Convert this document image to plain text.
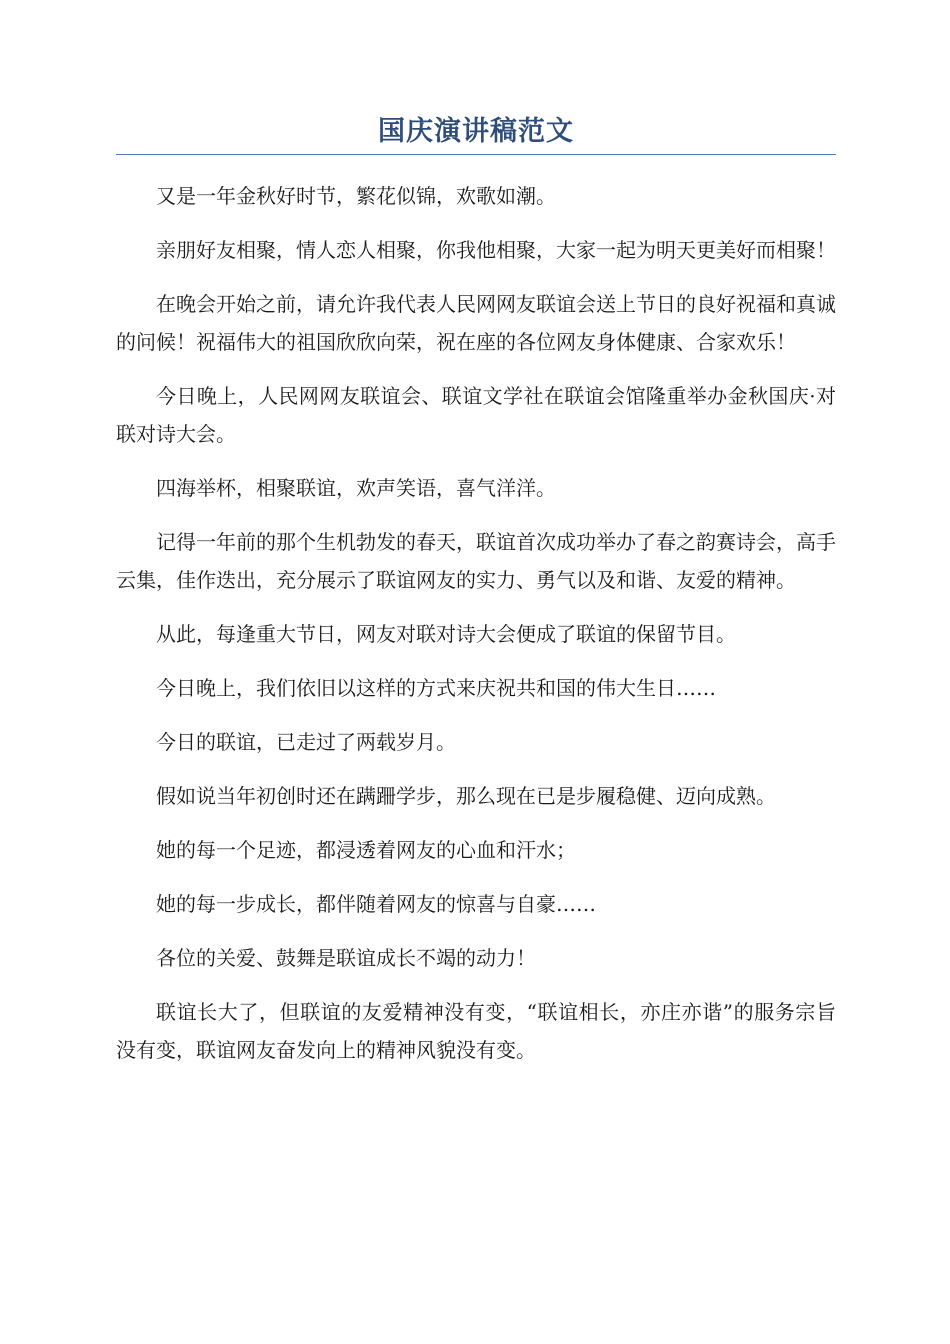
国庆演讲稿范文

又是一年金秋好时节，繁花似锦，欢歌如潮。

亲朋好友相聚，情人恋人相聚，你我他相聚，大家一起为明天更美好而相聚！

在晚会开始之前，请允许我代表人民网网友联谊会送上节日的良好祝福和真诚的问候！祝福伟大的祖国欣欣向荣，祝在座的各位网友身体健康、合家欢乐！

今日晚上，人民网网友联谊会、联谊文学社在联谊会馆隆重举办金秋国庆·对联对诗大会。

四海举杯，相聚联谊，欢声笑语，喜气洋洋。

记得一年前的那个生机勃发的春天，联谊首次成功举办了春之韵赛诗会，高手云集，佳作迭出，充分展示了联谊网友的实力、勇气以及和谐、友爱的精神。

从此，每逢重大节日，网友对联对诗大会便成了联谊的保留节目。

今日晚上，我们依旧以这样的方式来庆祝共和国的伟大生日……

今日的联谊，已走过了两载岁月。

假如说当年初创时还在蹒跚学步，那么现在已是步履稳健、迈向成熟。

她的每一个足迹，都浸透着网友的心血和汗水；

她的每一步成长，都伴随着网友的惊喜与自豪……

各位的关爱、鼓舞是联谊成长不竭的动力！

联谊长大了，但联谊的友爱精神没有变，“联谊相长，亦庄亦谐”的服务宗旨没有变，联谊网友奋发向上的精神风貌没有变。
